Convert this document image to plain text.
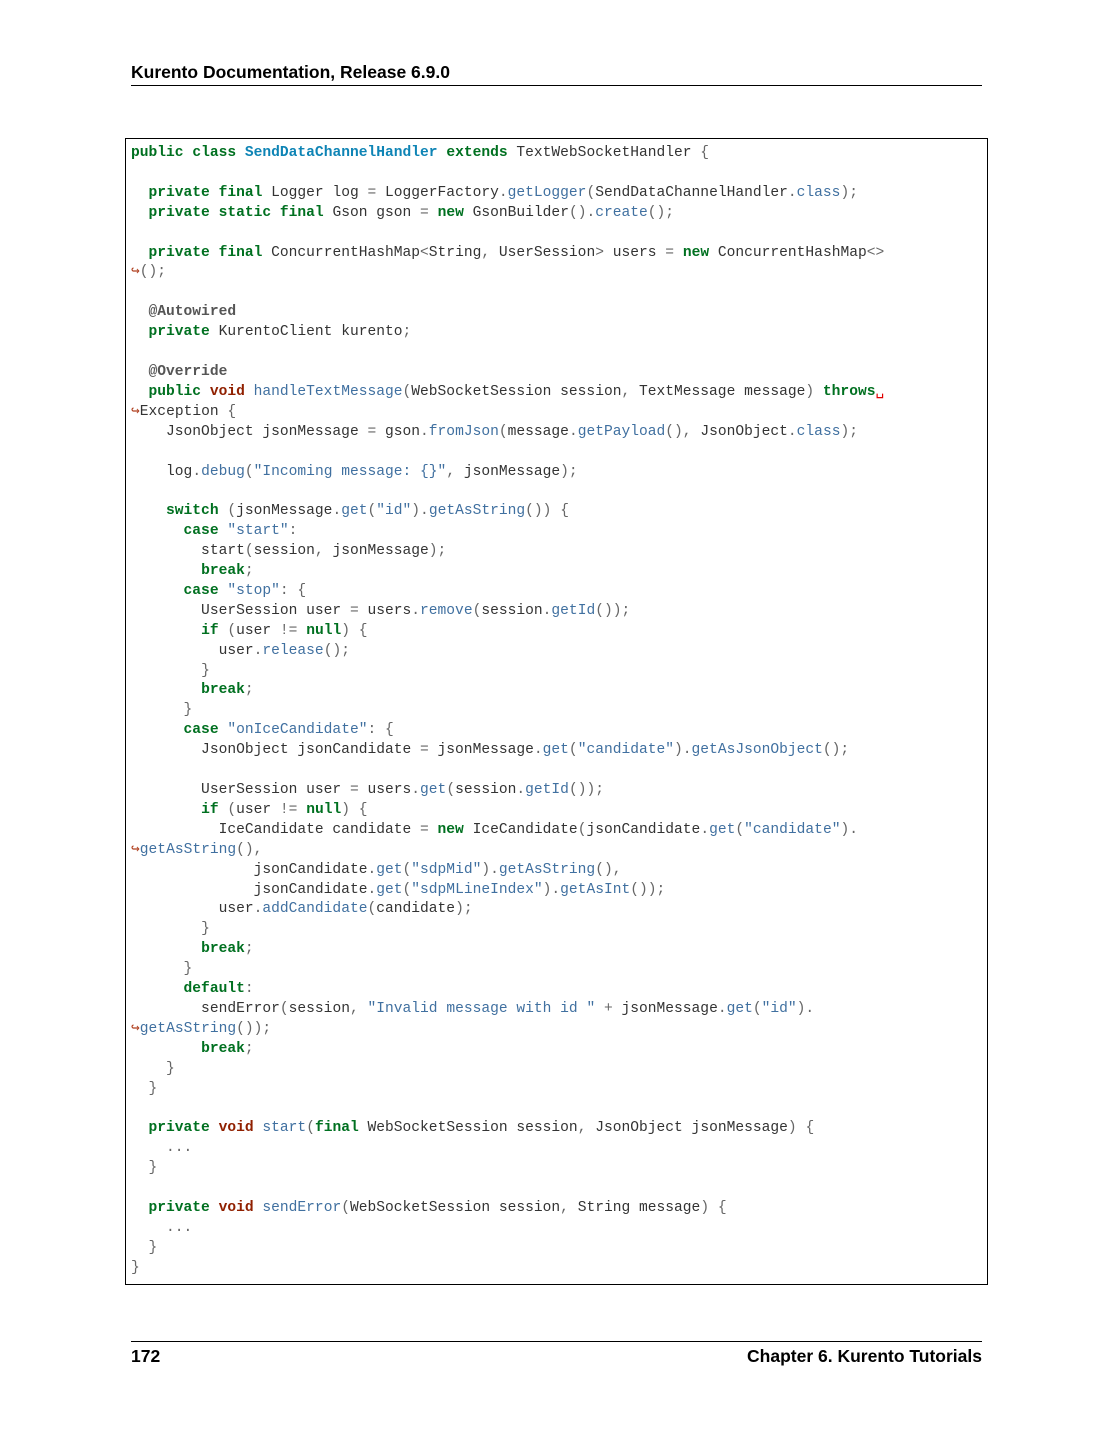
Kurento Documentation, Release 6.9.0
public class SendDataChannelHandler extends TextWebSocketHandler {
private final Logger log = LoggerFactory.getLogger(SendDataChannelHandler.class);
private static final Gson gson = new GsonBuilder().create();
private final ConcurrentHashMap<String, UserSession> users = new ConcurrentHashMap<>
↪();
@Autowired
private KurentoClient kurento;
@Override
public void handleTextMessage(WebSocketSession session, TextMessage message) throws␣
↪Exception {
JsonObject jsonMessage = gson.fromJson(message.getPayload(), JsonObject.class);
log.debug("Incoming message: {}", jsonMessage);
switch (jsonMessage.get("id").getAsString()) {
case "start":
start(session, jsonMessage);
break;
case "stop": {
UserSession user = users.remove(session.getId());
if (user != null) {
user.release();
}
break;
}
case "onIceCandidate": {
JsonObject jsonCandidate = jsonMessage.get("candidate").getAsJsonObject();
UserSession user = users.get(session.getId());
if (user != null) {
IceCandidate candidate = new IceCandidate(jsonCandidate.get("candidate").
↪getAsString(),
jsonCandidate.get("sdpMid").getAsString(),
jsonCandidate.get("sdpMLineIndex").getAsInt());
user.addCandidate(candidate);
}
break;
}
default:
sendError(session, "Invalid message with id " + jsonMessage.get("id").
↪getAsString());
break;
}
}
private void start(final WebSocketSession session, JsonObject jsonMessage) {
...
}
private void sendError(WebSocketSession session, String message) {
...
}
}
172	Chapter 6. Kurento Tutorials
